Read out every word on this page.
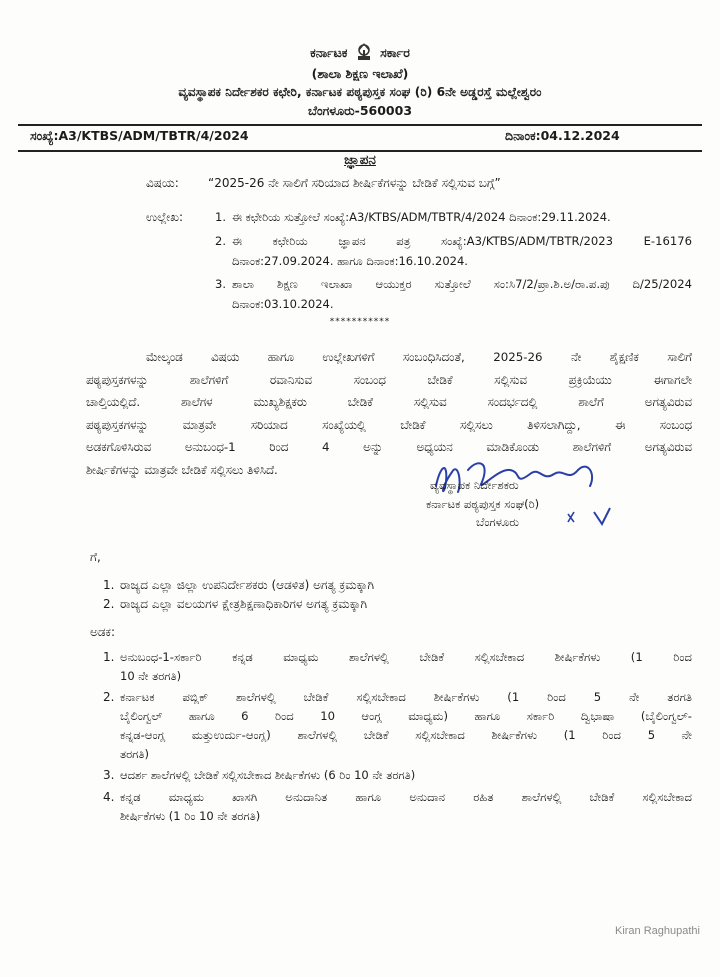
ಕರ್ನಾಟಕ	ಸರ್ಕಾರ
(ಶಾಲಾ ಶಿಕ್ಷಣ ಇಲಾಖೆ)
ವ್ಯವಸ್ಥಾಪಕ ನಿರ್ದೇಶಕರ ಕಛೇರಿ, ಕರ್ನಾಟಕ ಪಠ್ಯಪುಸ್ತಕ ಸಂಘ (ರಿ) 6ನೇ ಅಡ್ಡರಸ್ತೆ ಮಲ್ಲೇಶ್ವರಂ
ಬೆಂಗಳೂರು-560003
ಸಂಖ್ಯೆ:A3/KTBS/ADM/TBTR/4/2024	ದಿನಾಂಕ:04.12.2024
ಜ್ಞಾಪನ
ವಿಷಯ: “2025-26 ನೇ ಸಾಲಿಗೆ ಸರಿಯಾದ ಶೀರ್ಷಿಕೆಗಳನ್ನು ಬೇಡಿಕೆ ಸಲ್ಲಿಸುವ ಬಗ್ಗೆ”
ಉಲ್ಲೇಖ:	1. ಈ ಕಛೇರಿಯ ಸುತ್ತೋಲೆ ಸಂಖ್ಯೆ:A3/KTBS/ADM/TBTR/4/2024 ದಿನಾಂಕ:29.11.2024.
2. ಈ ಕಛೇರಿಯ ಜ್ಞಾಪನ ಪತ್ರ ಸಂಖ್ಯೆ:A3/KTBS/ADM/TBTR/2023 E-16176
ದಿನಾಂಕ:27.09.2024. ಹಾಗೂ ದಿನಾಂಕ:16.10.2024.
3. ಶಾಲಾ ಶಿಕ್ಷಣ ಇಲಾಖಾ ಆಯುಕ್ತರ ಸುತ್ತೋಲೆ ಸಂ:ಸಿ7/2/ಪ್ರಾ.ಶಿ.ಅ/ರಾ.ಪ.ಪು ದಿ/25/2024
ದಿನಾಂಕ:03.10.2024.
***********
ಮೇಲ್ಕಂಡ ವಿಷಯ ಹಾಗೂ ಉಲ್ಲೇಖಗಳಿಗೆ ಸಂಬಂಧಿಸಿದಂತೆ, 2025-26 ನೇ ಶೈಕ್ಷಣಿಕ ಸಾಲಿಗೆ
ಪಠ್ಯಪುಸ್ತಕಗಳನ್ನು ಶಾಲೆಗಳಿಗೆ ರವಾನಿಸುವ ಸಂಬಂಧ ಬೇಡಿಕೆ ಸಲ್ಲಿಸುವ ಪ್ರಕ್ರಿಯೆಯು ಈಗಾಗಲೇ
ಚಾಲ್ತಿಯಲ್ಲಿದೆ. ಶಾಲೆಗಳ ಮುಖ್ಯಶಿಕ್ಷಕರು ಬೇಡಿಕೆ ಸಲ್ಲಿಸುವ ಸಂದರ್ಭದಲ್ಲಿ ಶಾಲೆಗೆ ಅಗತ್ಯವಿರುವ
ಪಠ್ಯಪುಸ್ತಕಗಳನ್ನು ಮಾತ್ರವೇ ಸರಿಯಾದ ಸಂಖ್ಯೆಯಲ್ಲಿ ಬೇಡಿಕೆ ಸಲ್ಲಿಸಲು ತಿಳಿಸಲಾಗಿದ್ದು, ಈ ಸಂಬಂಧ
ಅಡಕಗೊಳಿಸಿರುವ ಅನುಬಂಧ-1 ರಿಂದ 4 ಅನ್ನು ಅಧ್ಯಯನ ಮಾಡಿಕೊಂಡು ಶಾಲೆಗಳಿಗೆ ಅಗತ್ಯವಿರುವ
ಶೀರ್ಷಿಕೆಗಳನ್ನು ಮಾತ್ರವೇ ಬೇಡಿಕೆ ಸಲ್ಲಿಸಲು ತಿಳಿಸಿದೆ.
ವ್ಯವಸ್ಥಾಪಕ ನಿರ್ದೇಶಕರು
ಕರ್ನಾಟಕ ಪಠ್ಯಪುಸ್ತಕ ಸಂಘ(ರಿ)
ಬೆಂಗಳೂರು
ಗೆ,
1. ರಾಜ್ಯದ ಎಲ್ಲಾ ಜಿಲ್ಲಾ ಉಪನಿರ್ದೇಶಕರು (ಆಡಳಿತ) ಅಗತ್ಯ ಕ್ರಮಕ್ಕಾಗಿ
2. ರಾಜ್ಯದ ಎಲ್ಲಾ ವಲಯಗಳ ಕ್ಷೇತ್ರಶಿಕ್ಷಣಾಧಿಕಾರಿಗಳ ಅಗತ್ಯ ಕ್ರಮಕ್ಕಾಗಿ
ಅಡಕ:
1. ಅನುಬಂಧ-1-ಸರ್ಕಾರಿ ಕನ್ನಡ ಮಾಧ್ಯಮ ಶಾಲೆಗಳಲ್ಲಿ ಬೇಡಿಕೆ ಸಲ್ಲಿಸಬೇಕಾದ ಶೀರ್ಷಿಕೆಗಳು (1 ರಿಂದ
10 ನೇ ತರಗತಿ)
2. ಕರ್ನಾಟಕ ಪಬ್ಲಿಕ್ ಶಾಲೆಗಳಲ್ಲಿ ಬೇಡಿಕೆ ಸಲ್ಲಿಸಬೇಕಾದ ಶೀರ್ಷಿಕೆಗಳು (1 ರಿಂದ 5 ನೇ ತರಗತಿ
ಬೈಲಿಂಗ್ವಲ್ ಹಾಗೂ 6 ರಿಂದ 10 ಆಂಗ್ಲ ಮಾಧ್ಯಮ) ಹಾಗೂ ಸರ್ಕಾರಿ ದ್ವಿಭಾಷಾ (ಬೈಲಿಂಗ್ವಲ್-
ಕನ್ನಡ-ಆಂಗ್ಲ ಮತ್ತುಉರ್ದು-ಆಂಗ್ಲ) ಶಾಲೆಗಳಲ್ಲಿ ಬೇಡಿಕೆ ಸಲ್ಲಿಸಬೇಕಾದ ಶೀರ್ಷಿಕೆಗಳು (1 ರಿಂದ 5 ನೇ
ತರಗತಿ)
3. ಆದರ್ಶ ಶಾಲೆಗಳಲ್ಲಿ ಬೇಡಿಕೆ ಸಲ್ಲಿಸಬೇಕಾದ ಶೀರ್ಷಿಕೆಗಳು (6 ರಿಂ 10 ನೇ ತರಗತಿ)
4. ಕನ್ನಡ ಮಾಧ್ಯಮ ಖಾಸಗಿ ಅನುದಾನಿತ ಹಾಗೂ ಅನುದಾನ ರಹಿತ ಶಾಲೆಗಳಲ್ಲಿ ಬೇಡಿಕೆ ಸಲ್ಲಿಸಬೇಕಾದ
ಶೀರ್ಷಿಕೆಗಳು (1 ರಿಂ 10 ನೇ ತರಗತಿ)
Kiran Raghupathi
